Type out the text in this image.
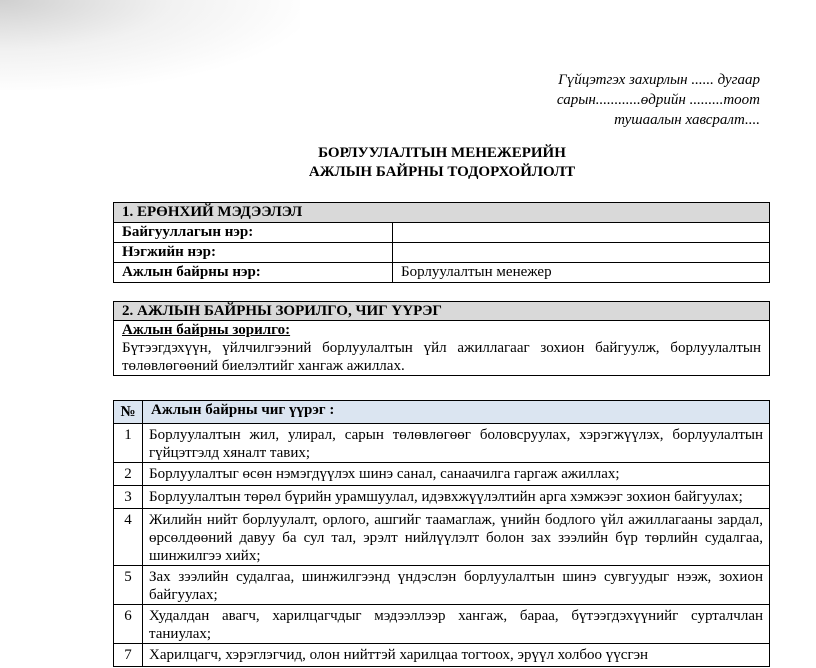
Гүйцэтгэх захирлын ...... дугаар
сарын............өдрийн .........тоот
тушаалын хавсралт....
БОРЛУУЛАЛТЫН МЕНЕЖЕРИЙН
АЖЛЫН БАЙРНЫ ТОДОРХОЙЛОЛТ
1. ЕРӨНХИЙ МЭДЭЭЛЭЛ	
Байгууллагын нэр:	
Нэгжийн нэр:	
Ажлын байрны нэр:	Борлуулалтын менежер
2. АЖЛЫН БАЙРНЫ ЗОРИЛГО, ЧИГ ҮҮРЭГ

Ажлын байрны зорилго:
Бүтээгдэхүүн, үйлчилгээний борлуулалтын үйл ажиллагааг зохион байгуулж, борлуулалтын төлөвлөгөөний биелэлтийг хангаж ажиллах.
№	Ажлын байрны чиг үүрэг :
1	Борлуулалтын жил, улирал, сарын төлөвлөгөөг боловсруулах, хэрэгжүүлэх, борлуулалтын гүйцэтгэлд хяналт тавих;
2	Борлуулалтыг өсөн нэмэгдүүлэх шинэ санал, санаачилга гаргаж ажиллах;
3	Борлуулалтын төрөл бүрийн урамшуулал, идэвхжүүлэлтийн арга хэмжээг зохион байгуулах;
4	Жилийн нийт борлуулалт, орлого, ашгийг таамаглаж, үнийн бодлого үйл ажиллагааны зардал, өрсөлдөөний давуу ба сул тал, эрэлт нийлүүлэлт болон зах зээлийн бүр төрлийн судалгаа, шинжилгээ хийх;
5	Зах зээлийн судалгаа, шинжилгээнд үндэслэн борлуулалтын шинэ сувгуудыг нээж, зохион байгуулах;
6	Худалдан авагч, харилцагчдыг мэдээллээр хангаж, бараа, бүтээгдэхүүнийг сурталчлан таниулах;
7	Харилцагч, хэрэглэгчид, олон нийттэй харилцаа тогтоох, эрүүл холбоо үүсгэн
